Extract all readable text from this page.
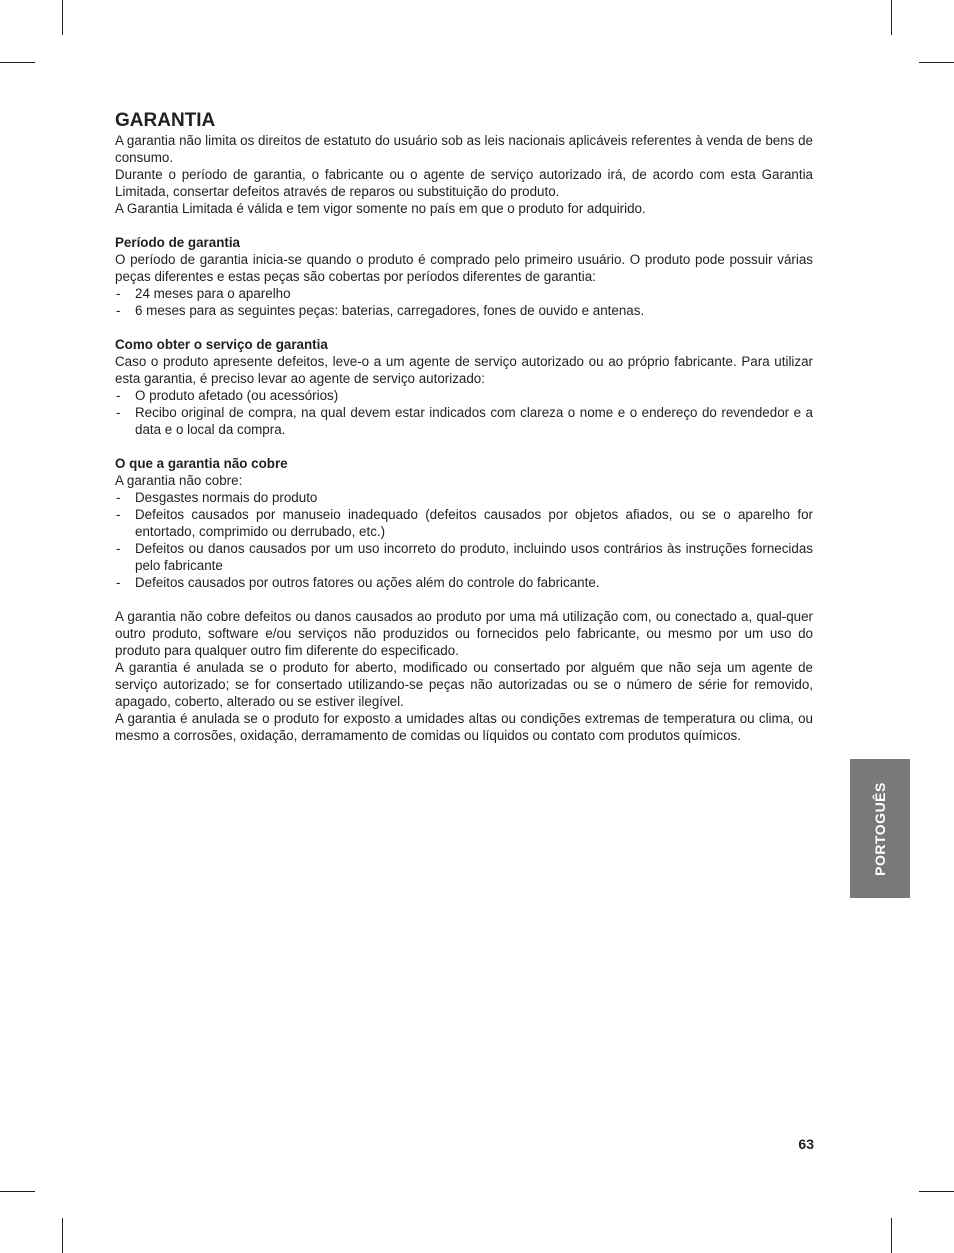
GARANTIA

A garantia não limita os direitos de estatuto do usuário sob as leis nacionais aplicáveis referentes à venda de bens de consumo.

Durante o período de garantia, o fabricante ou o agente de serviço autorizado irá, de acordo com esta Garantia Limitada, consertar defeitos através de reparos ou substituição do produto.

A Garantia Limitada é válida e tem vigor somente no país em que o produto for adquirido.

Período de garantia

O período de garantia inicia-se quando o produto é comprado pelo primeiro usuário. O produto pode possuir várias peças diferentes e estas peças são cobertas por períodos diferentes de garantia:

- 24 meses para o aparelho
- 6 meses para as seguintes peças: baterias, carregadores, fones de ouvido e antenas.

Como obter o serviço de garantia

Caso o produto apresente defeitos, leve-o a um agente de serviço autorizado ou ao próprio fabricante. Para utilizar esta garantia, é preciso levar ao agente de serviço autorizado:

- O produto afetado (ou acessórios)
- Recibo original de compra, na qual devem estar indicados com clareza o nome e o endereço do revendedor e a data e o local da compra.

O que a garantia não cobre

A garantia não cobre:

- Desgastes normais do produto
- Defeitos causados por manuseio inadequado (defeitos causados por objetos afiados, ou se o aparelho for entortado, comprimido ou derrubado, etc.)
- Defeitos ou danos causados por um uso incorreto do produto, incluindo usos contrários às instruções fornecidas pelo fabricante
- Defeitos causados por outros fatores ou ações além do controle do fabricante.

A garantia não cobre defeitos ou danos causados ao produto por uma má utilização com, ou conectado a, qual-quer outro produto, software e/ou serviços não produzidos ou fornecidos pelo fabricante, ou mesmo por um uso do produto para qualquer outro fim diferente do especificado.

A garantia é anulada se o produto for aberto, modificado ou consertado por alguém que não seja um agente de serviço autorizado; se for consertado utilizando-se peças não autorizadas ou se o número de série for removido, apagado, coberto, alterado ou se estiver ilegível.

A garantia é anulada se o produto for exposto a umidades altas ou condições extremas de temperatura ou clima, ou mesmo a corrosões, oxidação, derramamento de comidas ou líquidos ou contato com produtos químicos.

PORTOGUÊS
63
